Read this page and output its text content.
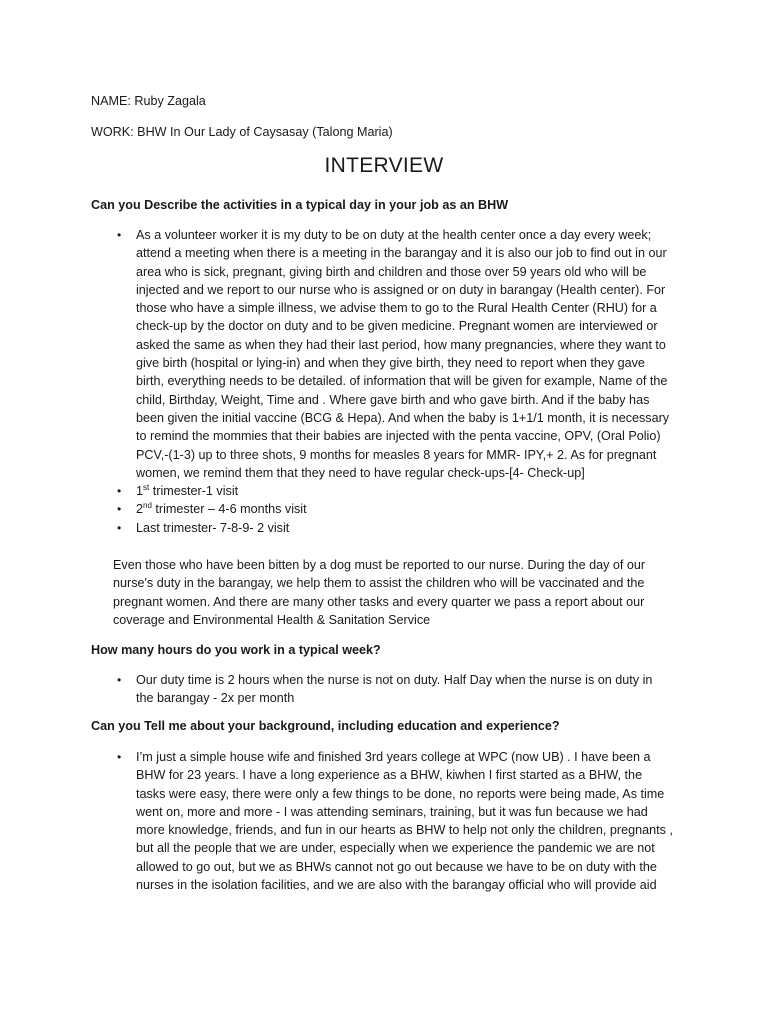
NAME: Ruby Zagala

WORK: BHW In Our Lady of Caysasay (Talong Maria)

INTERVIEW

Can you Describe the activities in a typical day in your job as an BHW

• As a volunteer worker it is my duty to be on duty at the health center once a day every week; attend a meeting when there is a meeting in the barangay and it is also our job to find out in our area who is sick, pregnant, giving birth and children and those over 59 years old who will be injected and we report to our nurse who is assigned or on duty in barangay (Health center). For those who have a simple illness, we advise them to go to the Rural Health Center (RHU) for a check-up by the doctor on duty and to be given medicine. Pregnant women are interviewed or asked the same as when they had their last period, how many pregnancies, where they want to give birth (hospital or lying-in) and when they give birth, they need to report when they gave birth, everything needs to be detailed. of information that will be given for example, Name of the child, Birthday, Weight, Time and . Where gave birth and who gave birth. And if the baby has been given the initial vaccine (BCG & Hepa). And when the baby is 1+1/1 month, it is necessary to remind the mommies that their babies are injected with the penta vaccine, OPV, (Oral Polio) PCV,-(1-3) up to three shots, 9 months for measles 8 years for MMR- IPY,+ 2. As for pregnant women, we remind them that they need to have regular check-ups-[4- Check-up]
• 1st trimester-1 visit
• 2nd trimester – 4-6 months visit
• Last trimester- 7-8-9- 2 visit

Even those who have been bitten by a dog must be reported to our nurse. During the day of our nurse's duty in the barangay, we help them to assist the children who will be vaccinated and the pregnant women. And there are many other tasks and every quarter we pass a report about our coverage and Environmental Health & Sanitation Service

How many hours do you work in a typical week?

• Our duty time is 2 hours when the nurse is not on duty. Half Day when the nurse is on duty in the barangay - 2x per month

Can you Tell me about your background, including education and experience?

• I’m just a simple house wife and finished 3rd years college at WPC (now UB) . I have been a BHW for 23 years. I have a long experience as a BHW, kiwhen I first started as a BHW, the tasks were easy, there were only a few things to be done, no reports were being made, As time went on, more and more - I was attending seminars, training, but it was fun because we had more knowledge, friends, and fun in our hearts as BHW to help not only the children, pregnants , but all the people that we are under, especially when we experience the pandemic we are not allowed to go out, but we as BHWs cannot not go out because we have to be on duty with the nurses in the isolation facilities, and we are also with the barangay official who will provide aid
